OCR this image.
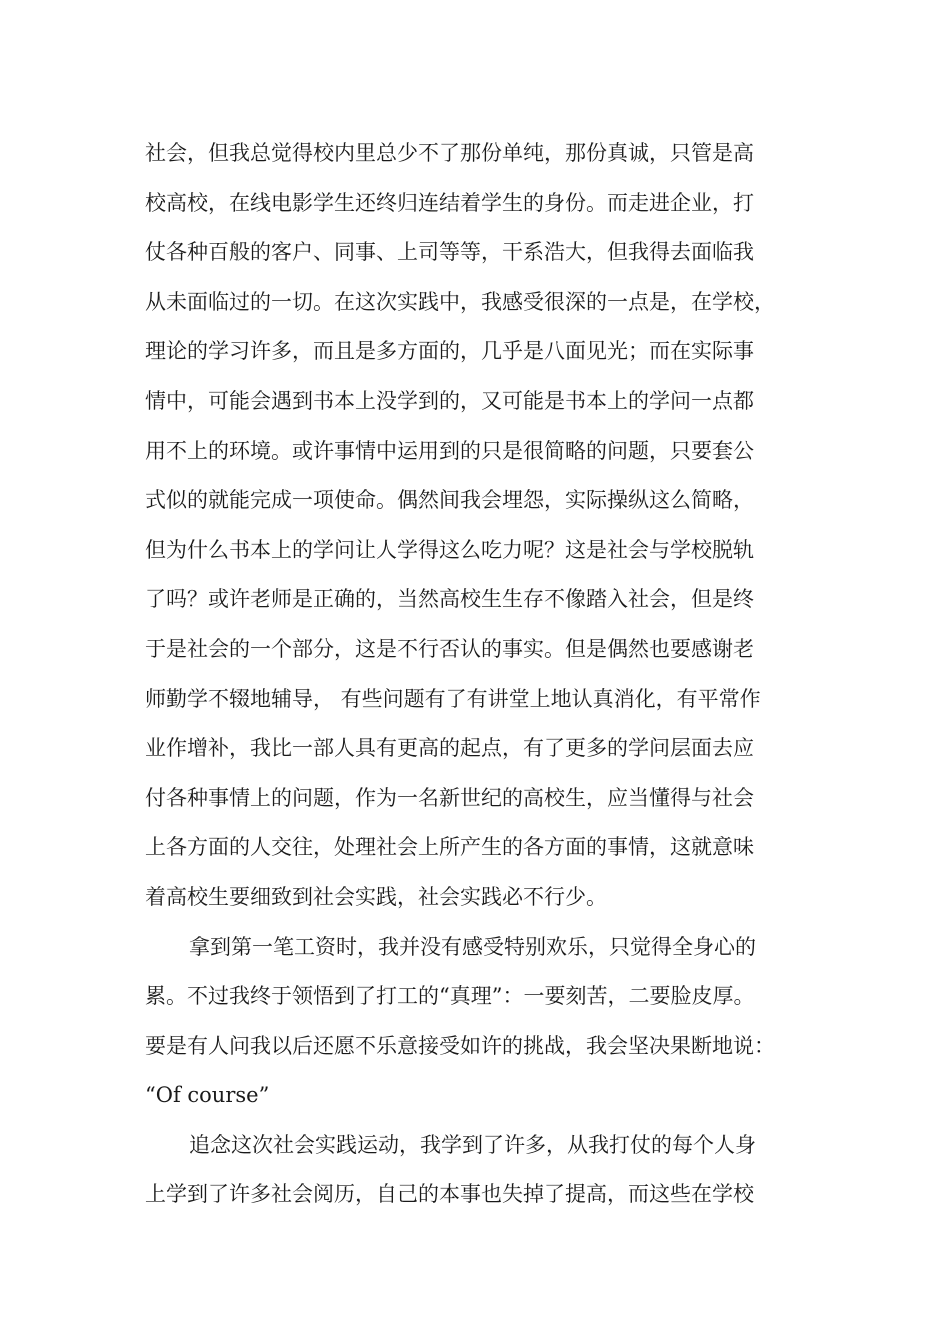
社会，但我总觉得校内里总少不了那份单纯，那份真诚，只管是高
校高校，在线电影学生还终归连结着学生的身份。而走进企业，打
仗各种百般的客户、同事、上司等等，干系浩大，但我得去面临我
从未面临过的一切。在这次实践中，我感受很深的一点是，在学校，
理论的学习许多，而且是多方面的，几乎是八面见光；而在实际事
情中，可能会遇到书本上没学到的，又可能是书本上的学问一点都
用不上的环境。或许事情中运用到的只是很简略的问题，只要套公
式似的就能完成一项使命。偶然间我会埋怨，实际操纵这么简略，
但为什么书本上的学问让人学得这么吃力呢？这是社会与学校脱轨
了吗？或许老师是正确的，当然高校生生存不像踏入社会，但是终
于是社会的一个部分，这是不行否认的事实。但是偶然也要感谢老
师勤学不辍地辅导， 有些问题有了有讲堂上地认真消化，有平常作
业作增补，我比一部人具有更高的起点，有了更多的学问层面去应
付各种事情上的问题，作为一名新世纪的高校生，应当懂得与社会
上各方面的人交往，处理社会上所产生的各方面的事情，这就意味
着高校生要细致到社会实践，社会实践必不行少。
拿到第一笔工资时，我并没有感受特别欢乐，只觉得全身心的
累。不过我终于领悟到了打工的“真理”：一要刻苦，二要脸皮厚。
要是有人问我以后还愿不乐意接受如许的挑战，我会坚决果断地说：
“Of course”
追念这次社会实践运动，我学到了许多，从我打仗的每个人身
上学到了许多社会阅历，自己的本事也失掉了提高，而这些在学校
